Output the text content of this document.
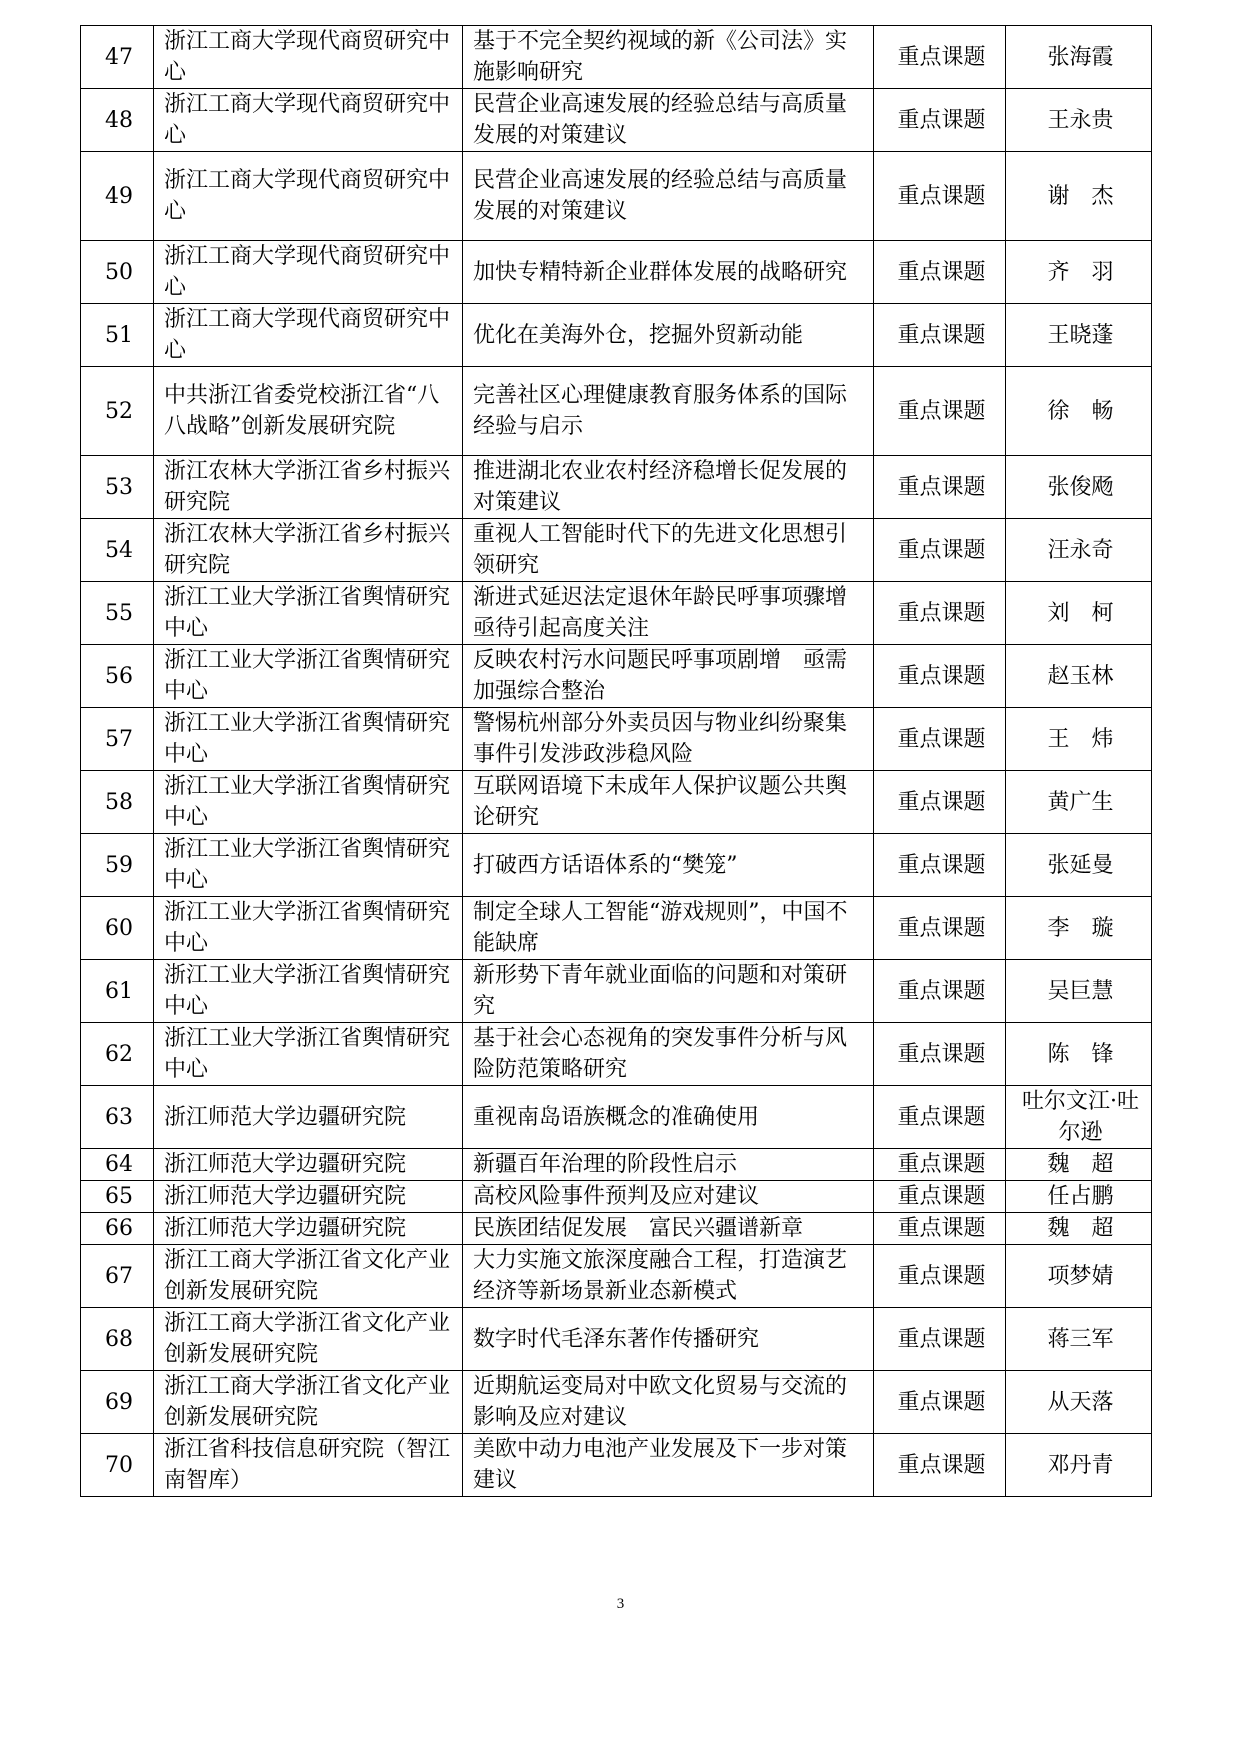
47	浙江工商大学现代商贸研究中心	基于不完全契约视域的新《公司法》实施影响研究	重点课题	张海霞
48	浙江工商大学现代商贸研究中心	民营企业高速发展的经验总结与高质量发展的对策建议	重点课题	王永贵
49	浙江工商大学现代商贸研究中心	民营企业高速发展的经验总结与高质量发展的对策建议	重点课题	谢　杰
50	浙江工商大学现代商贸研究中心	加快专精特新企业群体发展的战略研究	重点课题	齐　羽
51	浙江工商大学现代商贸研究中心	优化在美海外仓，挖掘外贸新动能	重点课题	王晓蓬
52	中共浙江省委党校浙江省“八八战略”创新发展研究院	完善社区心理健康教育服务体系的国际经验与启示	重点课题	徐　畅
53	浙江农林大学浙江省乡村振兴研究院	推进湖北农业农村经济稳增长促发展的对策建议	重点课题	张俊飏
54	浙江农林大学浙江省乡村振兴研究院	重视人工智能时代下的先进文化思想引领研究	重点课题	汪永奇
55	浙江工业大学浙江省舆情研究中心	渐进式延迟法定退休年龄民呼事项骤增　亟待引起高度关注	重点课题	刘　柯
56	浙江工业大学浙江省舆情研究中心	反映农村污水问题民呼事项剧增　亟需加强综合整治	重点课题	赵玉林
57	浙江工业大学浙江省舆情研究中心	警惕杭州部分外卖员因与物业纠纷聚集事件引发涉政涉稳风险	重点课题	王　炜
58	浙江工业大学浙江省舆情研究中心	互联网语境下未成年人保护议题公共舆论研究	重点课题	黄广生
59	浙江工业大学浙江省舆情研究中心	打破西方话语体系的“樊笼”	重点课题	张延曼
60	浙江工业大学浙江省舆情研究中心	制定全球人工智能“游戏规则”，中国不能缺席	重点课题	李　璇
61	浙江工业大学浙江省舆情研究中心	新形势下青年就业面临的问题和对策研究	重点课题	吴巨慧
62	浙江工业大学浙江省舆情研究中心	基于社会心态视角的突发事件分析与风险防范策略研究	重点课题	陈　锋
63	浙江师范大学边疆研究院	重视南岛语族概念的准确使用	重点课题	吐尔文江·吐尔逊
64	浙江师范大学边疆研究院	新疆百年治理的阶段性启示	重点课题	魏　超
65	浙江师范大学边疆研究院	高校风险事件预判及应对建议	重点课题	任占鹏
66	浙江师范大学边疆研究院	民族团结促发展　富民兴疆谱新章	重点课题	魏　超
67	浙江工商大学浙江省文化产业创新发展研究院	大力实施文旅深度融合工程，打造演艺经济等新场景新业态新模式	重点课题	项梦婧
68	浙江工商大学浙江省文化产业创新发展研究院	数字时代毛泽东著作传播研究	重点课题	蒋三军
69	浙江工商大学浙江省文化产业创新发展研究院	近期航运变局对中欧文化贸易与交流的影响及应对建议	重点课题	从天落
70	浙江省科技信息研究院（智江南智库）	美欧中动力电池产业发展及下一步对策建议	重点课题	邓丹青
3
